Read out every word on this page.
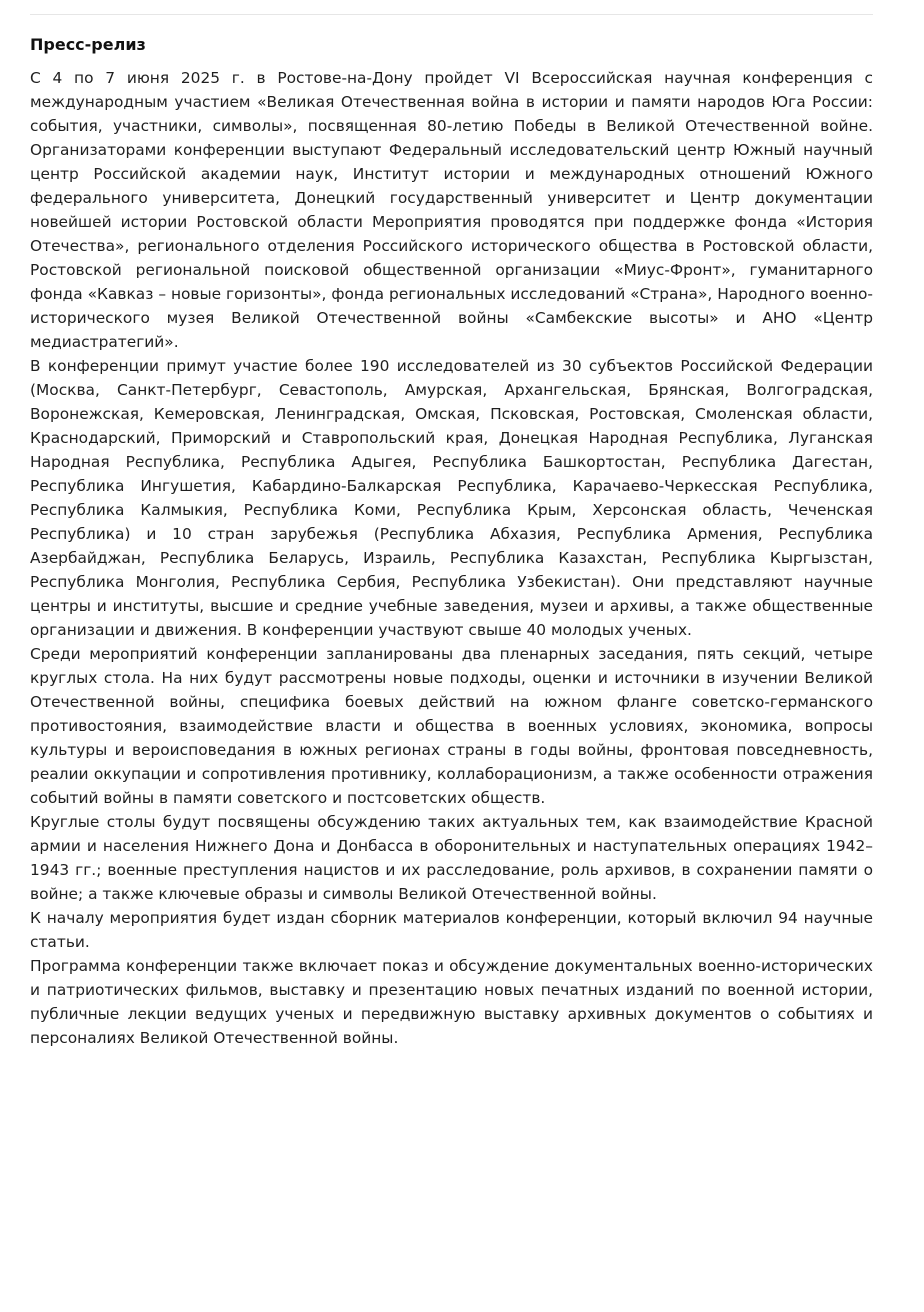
Пресс-релиз

С 4 по 7 июня 2025 г. в Ростове-на-Дону пройдет VI Всероссийская научная конференция с международным участием «Великая Отечественная война в истории и памяти народов Юга России: события, участники, символы», посвященная 80-летию Победы в Великой Отечественной войне. Организаторами конференции выступают Федеральный исследовательский центр Южный научный центр Российской академии наук, Институт истории и международных отношений Южного федерального университета, Донецкий государственный университет и Центр документации новейшей истории Ростовской области Мероприятия проводятся при поддержке фонда «История Отечества», регионального отделения Российского исторического общества в Ростовской области, Ростовской региональной поисковой общественной организации «Миус-Фронт», гуманитарного фонда «Кавказ – новые горизонты», фонда региональных исследований «Страна», Народного военно-исторического музея Великой Отечественной войны «Самбекские высоты» и АНО «Центр медиастратегий».

В конференции примут участие более 190 исследователей из 30 субъектов Российской Федерации (Москва, Санкт-Петербург, Севастополь, Амурская, Архангельская, Брянская, Волгоградская, Воронежская, Кемеровская, Ленинградская, Омская, Псковская, Ростовская, Смоленская области, Краснодарский, Приморский и Ставропольский края, Донецкая Народная Республика, Луганская Народная Республика, Республика Адыгея, Республика Башкортостан, Республика Дагестан, Республика Ингушетия, Кабардино-Балкарская Республика, Карачаево-Черкесская Республика, Республика Калмыкия, Республика Коми, Республика Крым, Херсонская область, Чеченская Республика) и 10 стран зарубежья (Республика Абхазия, Республика Армения, Республика Азербайджан, Республика Беларусь, Израиль, Республика Казахстан, Республика Кыргызстан, Республика Монголия, Республика Сербия, Республика Узбекистан). Они представляют научные центры и институты, высшие и средние учебные заведения, музеи и архивы, а также общественные организации и движения. В конференции участвуют свыше 40 молодых ученых.

Среди мероприятий конференции запланированы два пленарных заседания, пять секций, четыре круглых стола. На них будут рассмотрены новые подходы, оценки и источники в изучении Великой Отечественной войны, специфика боевых действий на южном фланге советско-германского противостояния, взаимодействие власти и общества в военных условиях, экономика, вопросы культуры и вероисповедания в южных регионах страны в годы войны, фронтовая повседневность, реалии оккупации и сопротивления противнику, коллаборационизм, а также особенности отражения событий войны в памяти советского и постсоветских обществ.

Круглые столы будут посвящены обсуждению таких актуальных тем, как взаимодействие Красной армии и населения Нижнего Дона и Донбасса в оборонительных и наступательных операциях 1942–1943 гг.; военные преступления нацистов и их расследование, роль архивов, в сохранении памяти о войне; а также ключевые образы и символы Великой Отечественной войны.

К началу мероприятия будет издан сборник материалов конференции, который включил 94 научные статьи.

Программа конференции также включает показ и обсуждение документальных военно-исторических и патриотических фильмов, выставку и презентацию новых печатных изданий по военной истории, публичные лекции ведущих ученых и передвижную выставку архивных документов о событиях и персоналиях Великой Отечественной войны.
